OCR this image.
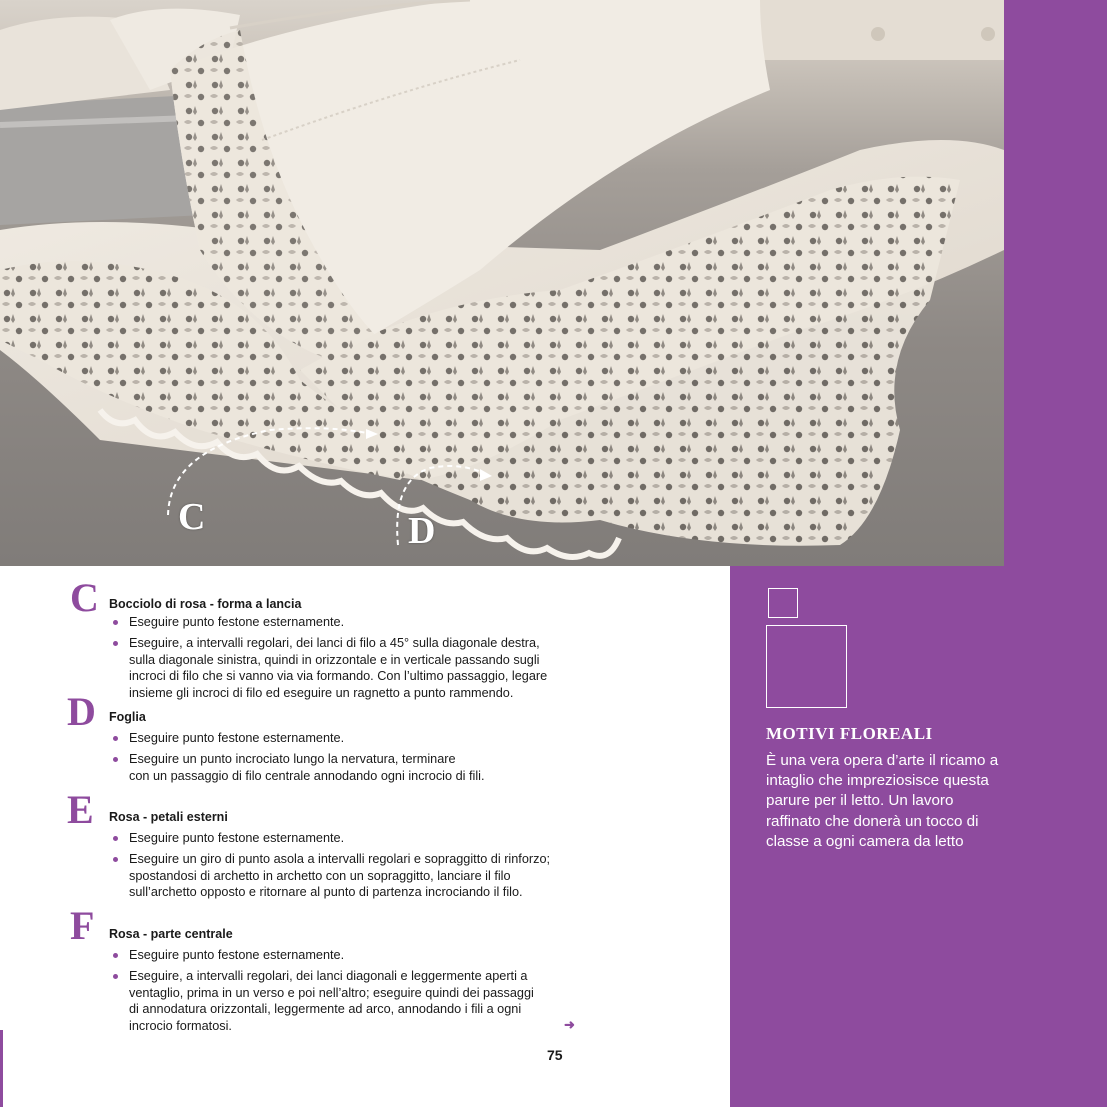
C	D
MOTIVI FLOREALI

È una vera opera d’arte il ricamo a intaglio che impreziosisce questa parure per il letto. Un lavoro raffinato che donerà un tocco di classe a ogni camera da letto

C Bocciolo di rosa - forma a lancia
Eseguire punto festone esternamente.
Eseguire, a intervalli regolari, dei lanci di filo a 45° sulla diagonale destra,
sulla diagonale sinistra, quindi in orizzontale e in verticale passando sugli
incroci di filo che si vanno via via formando. Con l’ultimo passaggio, legare
insieme gli incroci di filo ed eseguire un ragnetto a punto rammendo.
D Foglia
Eseguire punto festone esternamente.
Eseguire un punto incrociato lungo la nervatura, terminare
con un passaggio di filo centrale annodando ogni incrocio di fili.
E Rosa - petali esterni
Eseguire punto festone esternamente.
Eseguire un giro di punto asola a intervalli regolari e sopraggitto di rinforzo;
spostandosi di archetto in archetto con un sopraggitto, lanciare il filo
sull’archetto opposto e ritornare al punto di partenza incrociando il filo.
F Rosa - parte centrale
Eseguire punto festone esternamente.
Eseguire, a intervalli regolari, dei lanci diagonali e leggermente aperti a
ventaglio, prima in un verso e poi nell’altro; eseguire quindi dei passaggi
di annodatura orizzontali, leggermente ad arco, annodando i fili a ogni
incrocio formatosi.	➜
75
